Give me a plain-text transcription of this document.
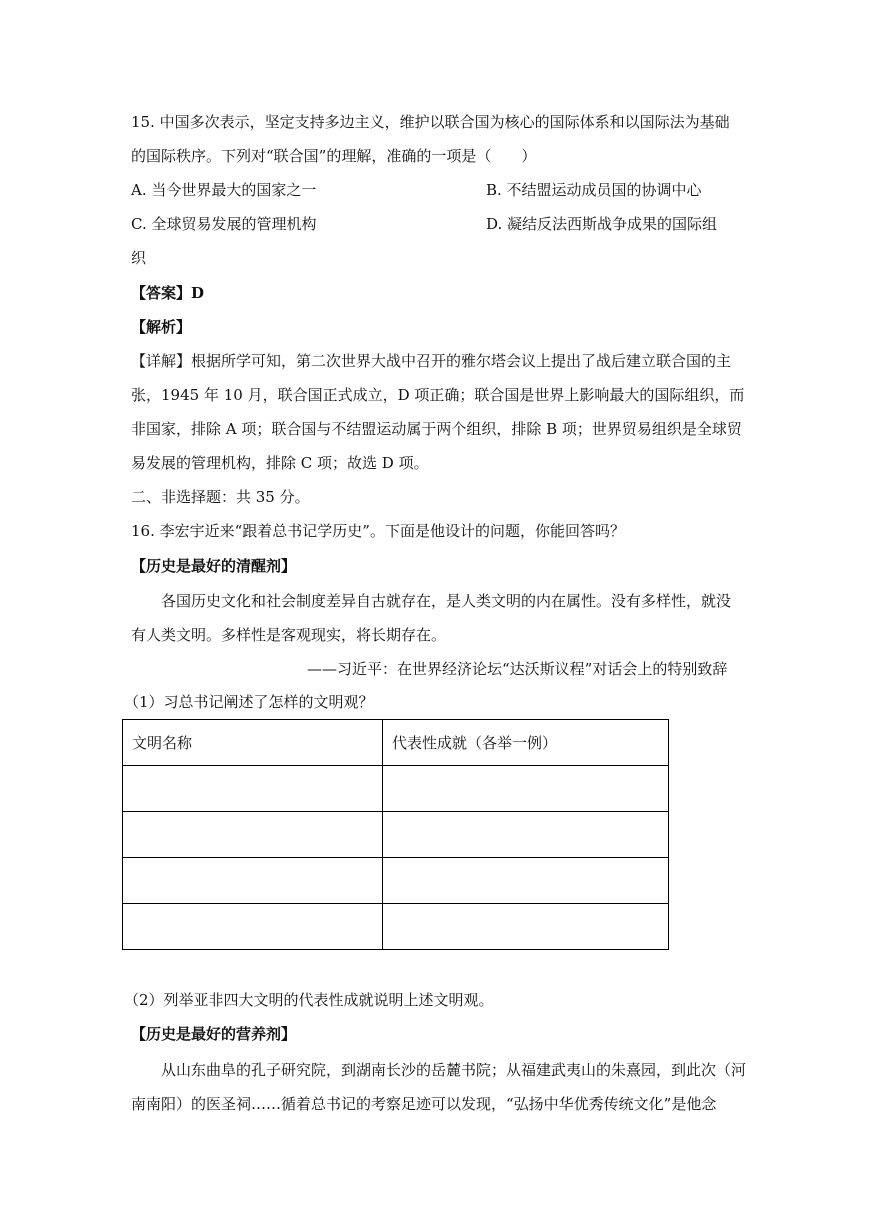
15. 中国多次表示，坚定支持多边主义，维护以联合国为核心的国际体系和以国际法为基础
的国际秩序。下列对“联合国”的理解，准确的一项是（　　）
A. 当今世界最大的国家之一	B. 不结盟运动成员国的协调中心
C. 全球贸易发展的管理机构	D. 凝结反法西斯战争成果的国际组
织
【答案】D
【解析】
【详解】根据所学可知，第二次世界大战中召开的雅尔塔会议上提出了战后建立联合国的主
张，1945 年 10 月，联合国正式成立，D 项正确；联合国是世界上影响最大的国际组织，而
非国家，排除 A 项；联合国与不结盟运动属于两个组织，排除 B 项；世界贸易组织是全球贸
易发展的管理机构，排除 C 项；故选 D 项。
二、非选择题：共 35 分。
16. 李宏宇近来“跟着总书记学历史”。下面是他设计的问题，你能回答吗？
【历史是最好的清醒剂】
各国历史文化和社会制度差异自古就存在，是人类文明的内在属性。没有多样性，就没
有人类文明。多样性是客观现实，将长期存在。
——习近平：在世界经济论坛“达沃斯议程”对话会上的特别致辞
（1）习总书记阐述了怎样的文明观？
文明名称	代表性成就（各举一例）

（2）列举亚非四大文明的代表性成就说明上述文明观。
【历史是最好的营养剂】
从山东曲阜的孔子研究院，到湖南长沙的岳麓书院；从福建武夷山的朱熹园，到此次（河
南南阳）的医圣祠……循着总书记的考察足迹可以发现，“弘扬中华优秀传统文化”是他念
